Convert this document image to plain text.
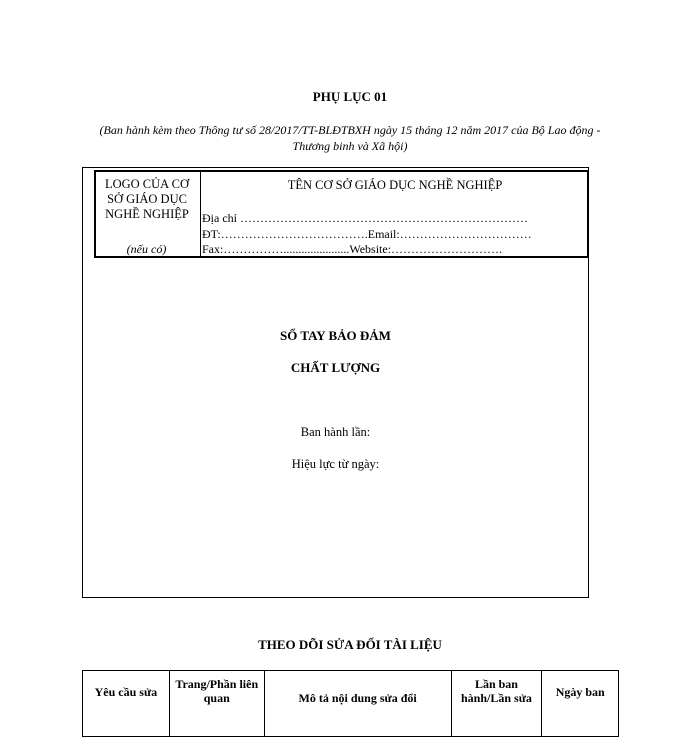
PHỤ LỤC 01
(Ban hành kèm theo Thông tư số 28/2017/TT-BLĐTBXH ngày 15 tháng 12 năm 2017 của Bộ Lao động - Thương binh và Xã hội)
LOGO CỦA CƠ
SỞ GIÁO DỤC
NGHỀ NGHIỆP
(nếu có)
TÊN CƠ SỞ GIÁO DỤC NGHỀ NGHIỆP
Địa chỉ ………………………………………………………………
ĐT:……………………………….Email:……………………………
Fax:……………......................Website:……………………….
SỔ TAY BẢO ĐẢM
CHẤT LƯỢNG
Ban hành lần:
Hiệu lực từ ngày:
THEO DÕI SỬA ĐỔI TÀI LIỆU
Yêu cầu sửa	Trang/Phần liên quan	Mô tả nội dung sửa đổi	Lần ban hành/Lần sửa	Ngày ban
